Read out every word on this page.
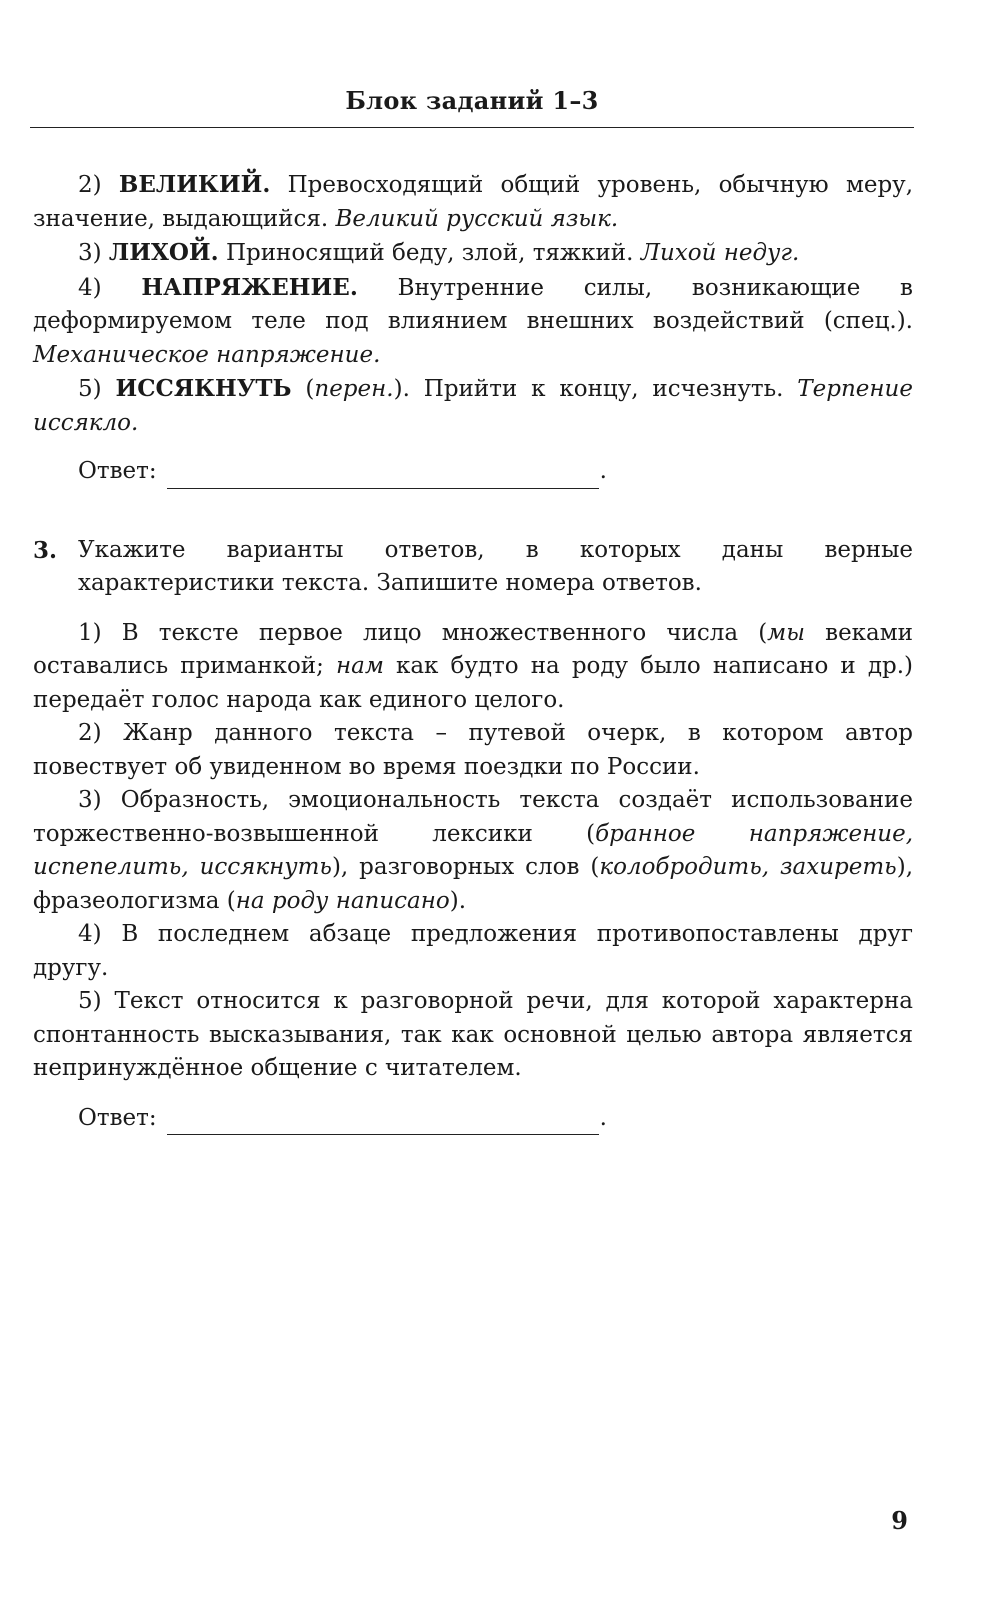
Блок заданий 1–3

2) ВЕЛИКИЙ. Превосходящий общий уровень, обычную меру, значение, выдающийся. Великий русский язык.

3) ЛИХОЙ. Приносящий беду, злой, тяжкий. Лихой недуг.

4) НАПРЯЖЕНИЕ. Внутренние силы, возникающие в деформируемом теле под влиянием внешних воздействий (спец.). Механическое напряжение.

5) ИССЯКНУТЬ (перен.). Прийти к концу, исчезнуть. Терпение иссякло.

Ответ:	.
3. Укажите варианты ответов, в которых даны верные характеристики текста. Запишите номера ответов.

1) В тексте первое лицо множественного числа (мы веками оставались приманкой; нам как будто на роду было написано и др.) передаёт голос народа как единого целого.

2) Жанр данного текста – путевой очерк, в котором автор повествует об увиденном во время поездки по России.

3) Образность, эмоциональность текста создаёт использование торжественно-возвышенной лексики (бранное напряжение, испепелить, иссякнуть), разговорных слов (колобродить, захиреть), фразеологизма (на роду написано).

4) В последнем абзаце предложения противопоставлены друг другу.

5) Текст относится к разговорной речи, для которой характерна спонтанность высказывания, так как основной целью автора является непринуждённое общение с читателем.

Ответ:	.
9
